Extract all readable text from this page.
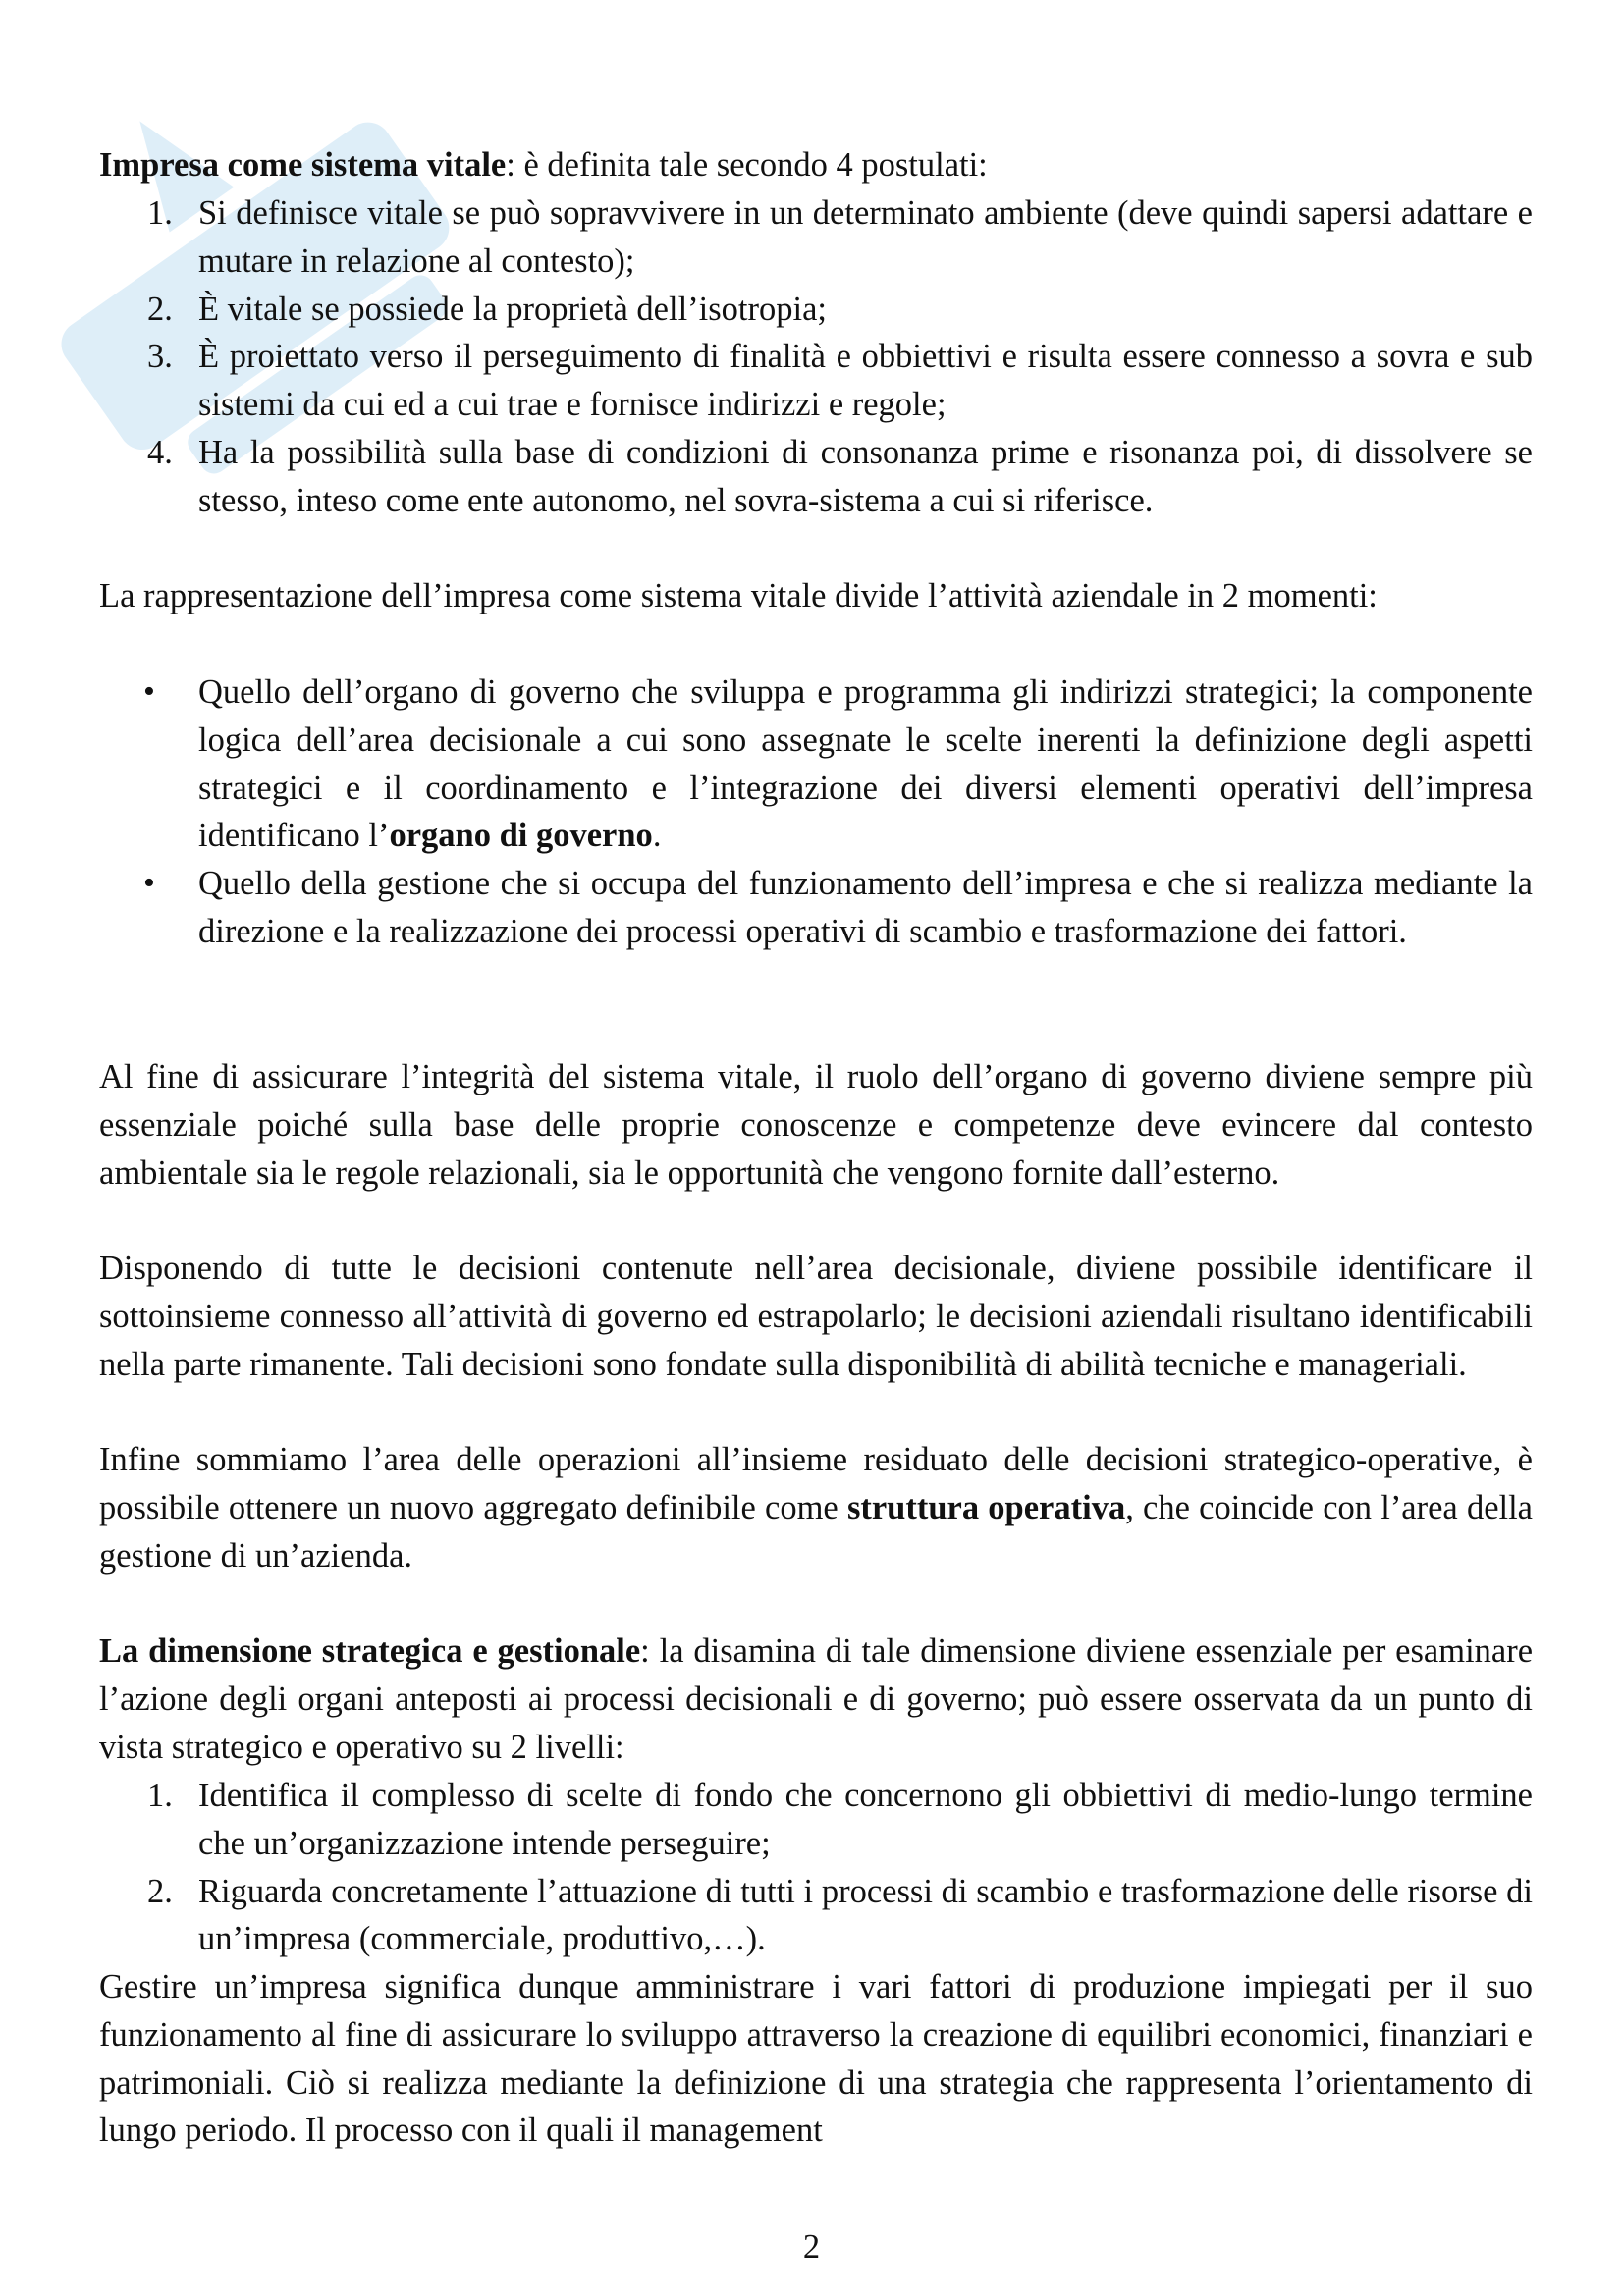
Impresa come sistema vitale: è definita tale secondo 4 postulati:

1. Si definisce vitale se può sopravvivere in un determinato ambiente (deve quindi sapersi adattare e mutare in relazione al contesto);
2. È vitale se possiede la proprietà dell’isotropia;
3. È proiettato verso il perseguimento di finalità e obbiettivi e risulta essere connesso a sovra e sub sistemi da cui ed a cui trae e fornisce indirizzi e regole;
4. Ha la possibilità sulla base di condizioni di consonanza prime e risonanza poi, di dissolvere se stesso, inteso come ente autonomo, nel sovra-sistema a cui si riferisce.

La rappresentazione dell’impresa come sistema vitale divide l’attività aziendale in 2 momenti:

• Quello dell’organo di governo che sviluppa e programma gli indirizzi strategici; la componente logica dell’area decisionale a cui sono assegnate le scelte inerenti la definizione degli aspetti strategici e il coordinamento e l’integrazione dei diversi elementi operativi dell’impresa identificano l’organo di governo.
• Quello della gestione che si occupa del funzionamento dell’impresa e che si realizza mediante la direzione e la realizzazione dei processi operativi di scambio e trasformazione dei fattori.

Al fine di assicurare l’integrità del sistema vitale, il ruolo dell’organo di governo diviene sempre più essenziale poiché sulla base delle proprie conoscenze e competenze deve evincere dal contesto ambientale sia le regole relazionali, sia le opportunità che vengono fornite dall’esterno.

Disponendo di tutte le decisioni contenute nell’area decisionale, diviene possibile identificare il sottoinsieme connesso all’attività di governo ed estrapolarlo; le decisioni aziendali risultano identificabili nella parte rimanente. Tali decisioni sono fondate sulla disponibilità di abilità tecniche e manageriali.

Infine sommiamo l’area delle operazioni all’insieme residuato delle decisioni strategico-operative, è possibile ottenere un nuovo aggregato definibile come struttura operativa, che coincide con l’area della gestione di un’azienda.

La dimensione strategica e gestionale: la disamina di tale dimensione diviene essenziale per esaminare l’azione degli organi anteposti ai processi decisionali e di governo; può essere osservata da un punto di vista strategico e operativo su 2 livelli:

1. Identifica il complesso di scelte di fondo che concernono gli obbiettivi di medio-lungo termine che un’organizzazione intende perseguire;
2. Riguarda concretamente l’attuazione di tutti i processi di scambio e trasformazione delle risorse di un’impresa (commerciale, produttivo,…).

Gestire un’impresa significa dunque amministrare i vari fattori di produzione impiegati per il suo funzionamento al fine di assicurare lo sviluppo attraverso la creazione di equilibri economici, finanziari e patrimoniali. Ciò si realizza mediante la definizione di una strategia che rappresenta l’orientamento di lungo periodo. Il processo con il quali il management

2
